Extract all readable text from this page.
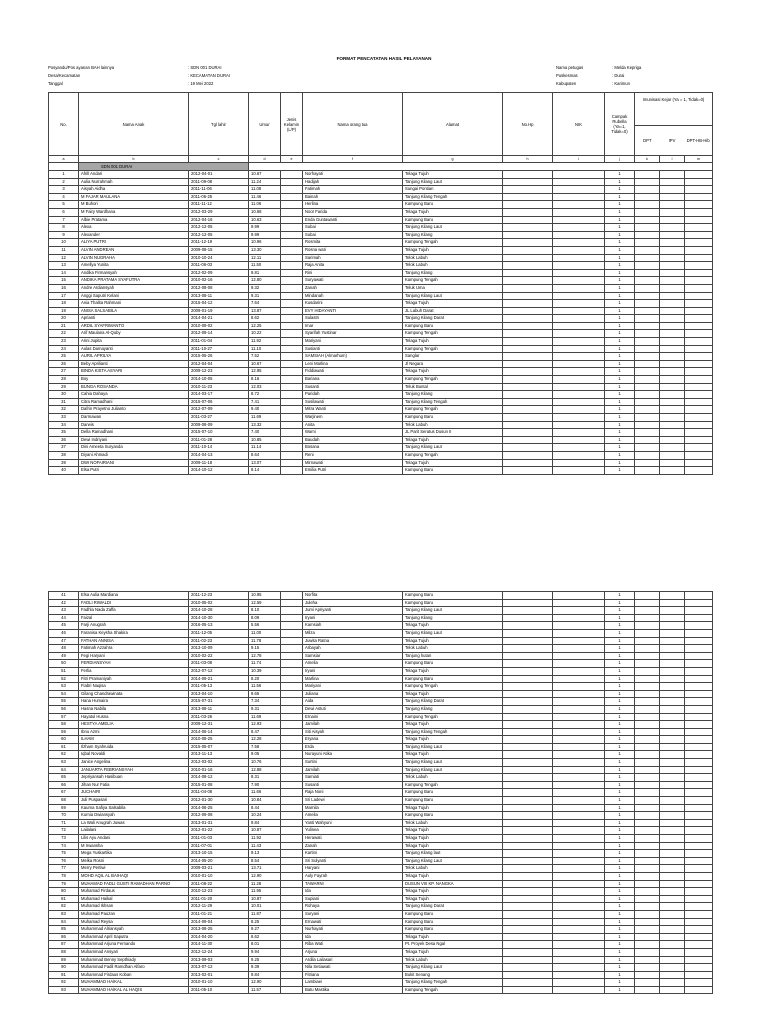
FORMAT PENCATATAN HASIL PELAYANAN
Posyandu/Pos ayanan BAH lainnya
Desa/Kecamatan
Tanggal
: SDN 001 DURAI
: KECAMATAN DURAI
: 19 Mei 2022
Nama petugas
Puskesmas
Kabupaten
: Melda Kepriga
: Durai
: Karimun
No.	Nama Anak	Tgl lahir	Umur	Jenis Kelamin (L/P)	Nama orang tua	Alamat	No.Hp	NIK	Campak Rubella (Ya=1, Tidak=0)	Imunisasi Kejar (Ya = 1, Tidak=0)
DPT IPV DPT-HB-Hib		

a	b	c	d	e	f	g	h	i	j	k	l	m
	SDN 001 DURAI											
1	Afrill Andari	2012-04-01	10.67		Norhayati	Telaga Tujuh			1			
2	Aulia Nurrahmah	2011-09-08	11.24		Hadijah	Tanjung Kilang Laut			1			
3	Aisyah Aidha	2011-11-06	11.08		Fatimah	Sungai Pontian			1			
4	M FAJAR MAULANA	2011-06-25	11.46		Bainah	Tanjung Kilang Tengah			1			
5	M Buhori	2011-11-12	11.06		Herlina	Kampung Baru			1			
6	M Fairy Wardhana	2012-03-29	10.68		Noor Farida	Telaga Tujuh			1			
7	Albie Pratama	2012-04-16	10.63		Enda Guntawanti	Kampung Baru			1			
8	Alexa	2012-12-05	9.99		Subai	Tanjung Kilang Laut			1			
9	Alexander	2012-12-05	9.99		Subai	Tanjung Kilang			1			
10	ALIYA PUTRI	2011-12-19	10.96		Rosmita	Kampung Tengah			1			
11	ALVIN ANDREAN	2009-08-15	13.30		Rosna wati	Telaga Tujuh			1			
12	ALVIN NUGRAHA	2010-10-24	12.11		Sarimah	Telok Labuh			1			
13	Amellya Yunita	2011-06-03	11.50		Raja Anita	Telok Labuh			1			
14	Andika Firmansyah	2012-02-09	9.81		Rini	Tanjung Kilang			1			
15	ANDIKA PRATAMA SYAFUTRA	2010-02-16	12.80		Suryawati	Kampung Tengah			1			
16	Andre Ardiansyah	2012-08-08	9.32		Zanah	Teluk Uma			1			
17	Anggi Saputri Kelani	2013-08-11	9.31		Mindanah	Tanjung Kilang Laut			1			
18	Ania Thalita Rahmani	2015-04-12	7.64		Kusdarini	Telaga Tujuh			1			
19	ANISA SALSABILA	2009-01-19	13.87		EVY HIDAYANTI	JL Labuh Darat			1			
20	Aprianti	2014-04-21	8.62		Sulastri	Tanjung Kilang Darat			1			
21	ARDIL SYAFRIMANTO	2010-09-02	12.25		Imar	Kampung Baru			1			
22	Arif Maulana Al-Quby	2012-09-14	10.22		Syarifah Yustinar	Kampung Tengah			1			
23	Arini Jupita	2011-01-04	11.92		Mariyani	Telaga Tujuh			1			
24	Aulas Damayanti	2011-10-27	11.10		Susianti	Kampung Tengah			1			
25	AURIL APRILYA	2015-05-26	7.52		SAMSIAH (Almarhum)	Sanglar			1			
26	Beby Aprilianti	2012-04-04	10.67		Leni Marlina	Jl Negara			1			
27	BINDA KISTA ASYARI	2009-12-23	12.95		Fiddiawati	Telaga Tujuh			1			
28	Boy	2014-10-05	8.16		Bariana	Kampung Tengah			1			
29	BUNGA ROSANDA	2010-11-23	12.03		Susanti	Teluk Buntal			1			
30	Cahia Dahaya	2014-03-17	8.72		Paridah	Tanjung Kilang			1			
31	Citra Ramadhani	2015-07-06	7.41		Susilawati	Tanjung Kilang Tengah			1			
32	Dafrin Prayetno Julianto	2012-07-09	9.40		Mitra Wanti	Kampung Tengah			1			
33	Darmawan	2011-03-27	11.69		Warjinem	Kampung Baru			1			
34	Darwis	2009-08-09	13.32		Anita	Telok Labuh			1			
35	Della Ramadhani	2015-07-10	7.40		Warni	JL Parit Seratus Dusun II			1			
36	Dewi Indriyani	2011-01-28	10.85		Baudah	Telaga Tujuh			1			
37	Dini Ameeta Suryanda	2011-10-14	11.14		Bosana	Tanjung Kilang Laut			1			
38	Diyani Ahmadi	2014-04-13	8.64		Reni	Kampung Tengah			1			
39	DWI NOFAIRIANI	2009-11-18	13.07		Mirnawati	Telaga Tujuh			1			
40	Elsa Putri	2014-10-12	8.14		Emilia Putri	Kampung Baru			1			
41	Elsa Aulia Mardiana	2011-12-23	10.95		Norfita	Kampung Baru			1			
42	FADLI RIWALDI	2010-05-02	12.59		Juleha	Kampung Baru			1			
43	Fadhla Nada Zaffa	2014-10-28	8.10		Jumi Apriyanti	Tanjung Kilang Laut			1			
44	Faizal	2014-10-30	8.09		Iryani	Tanjung Kilang			1			
45	Farji Anugrah	2016-05-13	5.56		Kamsiah	Telaga Tujuh			1			
46	Faranisa Keysha Shakira	2011-12-05	11.00		Milza	Tanjung Kilang Laut			1			
47	FATHAN ANNISA	2011-02-23	11.78		Juwita Ratna	Telaga Tujuh			1			
48	Fatimah Azzahra	2013-10-09	9.15		Arbayah	Telok Labuh			1			
49	Fegi Haryani	2010-02-22	12.78		Samsiar	Tanjung hutan			1			
50	FERDIANSYAH	2011-03-08	11.74		Amelia	Kampung Baru			1			
51	Ferlia	2012-07-12	10.39		Iryani	Telaga Tujuh			1			
52	Fitri Pramaniyah	2014-09-21	8.20		Marlina	Kampung Baru			1			
53	Fiabri Naqisa	2011-05-13	11.56		Mariyani	Kampung Tengah			1			
54	Gilang Chandrawinata	2013-04-10	9.65		Juliana	Telaga Tujuh			1			
55	Hana Humaira	2015-07-31	7.34		Aida	Tanjung Kilang Darat			1			
56	Hasna Nabila	2013-08-11	9.31		Dewi Astuti	Tanjung Kilang			1			
57	Hayatul Husna	2011-03-26	11.69		Ernaini	Kampung Tengah			1			
58	HESTYA AMELIA	2009-12-31	12.93		Jamilah	Telaga Tujuh			1			
59	Ibnu Azmi	2014-06-14	8.47		Siti Aisyah	Tanjung Kilang Tengah			1			
60	ILHAM	2010-08-25	12.28		Eryana	Telaga Tujuh			1			
61	Ilzham Syahruida	2015-05-07	7.58		Erda	Tanjung Kilang Laut			1			
62	Iqbal Novaldi	2013-11-13	9.05		Nurayuni Atika	Telaga Tujuh			1			
63	Janice Angelina	2012-03-02	10.76		Surtini	Tanjung Kilang Laut			1			
64	JANUARTA FEBRIANSYAH	2010-01-16	12.88		Jamilah	Tanjung Kilang Laut			1			
65	Jepriyansah Hasibuan	2014-08-12	8.31		Samiati	Telok Labuh			1			
66	Jihan Nur Fatia	2015-01-08	7.90		Susanti	Kampung Tengah			1			
67	JUCHAIRI	2011-04-08	11.66		Raja Noni	Kampung Baru			1			
68	Juli Puspasari	2012-01-30	10.84		Sri Ladewi	Kampung Baru			1			
69	Kaurna Safiya Salsabila	2014-06-25	8.44		Marnila	Telaga Tujuh			1			
70	Kurnia Dwiansyah	2012-09-08	10.24		Amelia	Kampung Baru			1			
71	La Wali Anugrah Juwas	2013-01-31	9.84		Yanti Wahyuni	Telok Labuh			1			
72	Lailalani	2012-01-22	10.87		Yulinea	Telaga Tujuh			1			
73	Lilis Ayu Andani	2011-01-03	11.92		Herawati	Telaga Tujuh			1			
74	M Irwansha	2011-07-01	11.43		Zanah	Telaga Tujuh			1			
75	Mega Yuskartika	2013-10-15	9.13		Kartini	Tanjung Kilang laut			1			
76	Melka Rosni	2014-05-20	8.54		Sri Sulyanti	Tanjung Kilang Laut			1			
77	Merry Pertiwi	2009-03-21	13.71		Haryani	Telok Labuh			1			
78	MOHD AQIL AL BAIHAQI	2010-01-10	12.90		Auly Fayrah	Telaga Tujuh			1			
79	MUHAMAD FADLI GUSTI RAMADHAN PARNO	2011-08-22	11.28		TAWARNI	DUSUN VIII KP. NANGKA			1			
80	Muhamad Firdaus	2010-12-23	11.95		Ida	Telaga Tujuh			1			
81	Muhamad Haikal	2011-01-20	10.87		Supiani	Telaga Tujuh			1			
82	Muhamad Ikhsan	2012-11-29	10.01		Rohaya	Tanjung Kilang Darat			1			
83	Muhamad Pauzan	2011-01-21	11.87		Suryani	Kampung Baru			1			
84	Muhamad Reysa	2014-09-04	8.25		Ernawati	Kampung Baru			1			
85	Muhammad Alriansyah	2013-08-25	9.27		Nurhayati	Kampung Baru			1			
86	Muhammad April Saputra	2014-04-20	8.62		Ida	Telaga Tujuh			1			
87	Muhammad Arjuna Fernando	2014-11-30	8.01		Riba Wati	Pt. Proyek Desa Ngal			1			
88	Muhammad Ansyari	2012-12-24	9.94		Arjuna	Telaga Tujuh			1			
89	Muhammad Benny Septhiady	2013-09-03	9.25		Ardila Lailasari	Telok Labuh			1			
90	Muhammad Fadil Ramdhan Alfaro	2013-07-12	9.39		Nila Setiawati	Tanjung Kilang Laut			1			
91	Muhammad Firdaus Koban	2013-02-01	9.84		Fitriana	Bukit Senang			1			
92	MUHAMMAD HAIKAL	2010-01-10	12.90		Lambiaei	Tanjung Kilang Tengah			1			
93	MUHAMMAD HAIKAL AL HAQIS	2011-05-10	11.57		Batu Mastika	Kampung Tengah			1			
